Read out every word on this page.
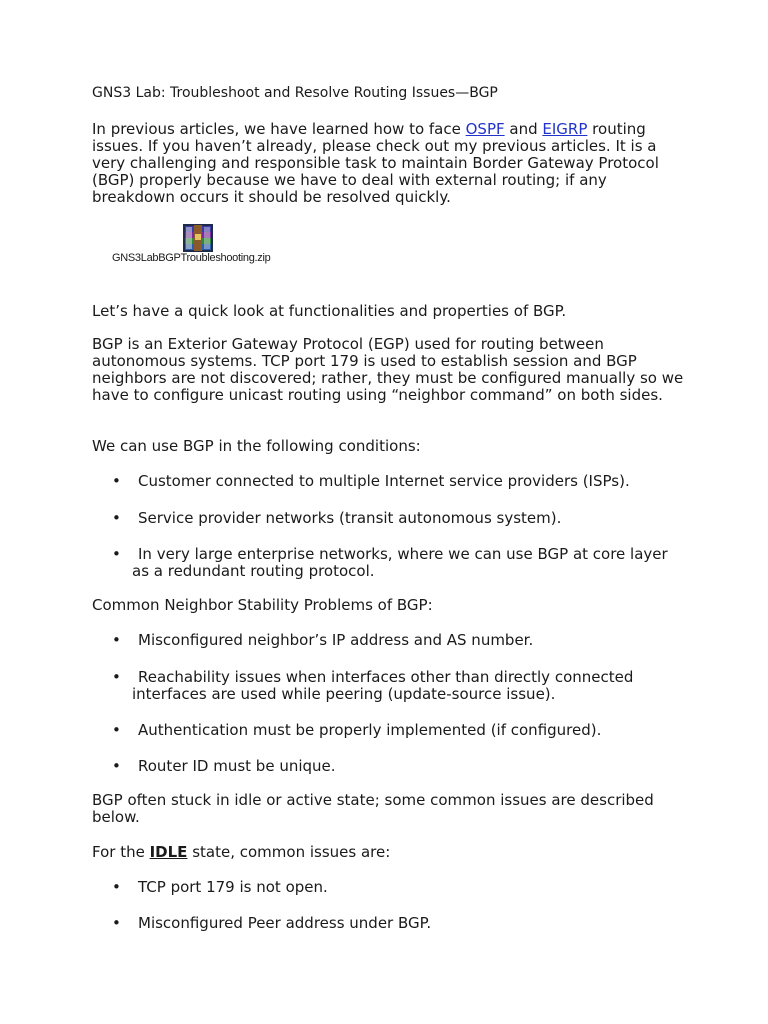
GNS3 Lab: Troubleshoot and Resolve Routing Issues—BGP

In previous articles, we have learned how to face OSPF and EIGRP routing issues. If you haven’t already, please check out my previous articles. It is a very challenging and responsible task to maintain Border Gateway Protocol (BGP) properly because we have to deal with external routing; if any breakdown occurs it should be resolved quickly.

GNS3LabBGPTroubleshooting.zip

Let’s have a quick look at functionalities and properties of BGP.

BGP is an Exterior Gateway Protocol (EGP) used for routing between autonomous systems. TCP port 179 is used to establish session and BGP neighbors are not discovered; rather, they must be configured manually so we have to configure unicast routing using “neighbor command” on both sides.

We can use BGP in the following conditions:

•	Customer connected to multiple Internet service providers (ISPs).
•	Service provider networks (transit autonomous system).
•	In very large enterprise networks, where we can use BGP at core layer as a redundant routing protocol.

Common Neighbor Stability Problems of BGP:

•	Misconfigured neighbor’s IP address and AS number.
•	Reachability issues when interfaces other than directly connected interfaces are used while peering (update-source issue).
•	Authentication must be properly implemented (if configured).
•	Router ID must be unique.

BGP often stuck in idle or active state; some common issues are described below.

For the IDLE state, common issues are:

•	TCP port 179 is not open.
•	Misconfigured Peer address under BGP.
